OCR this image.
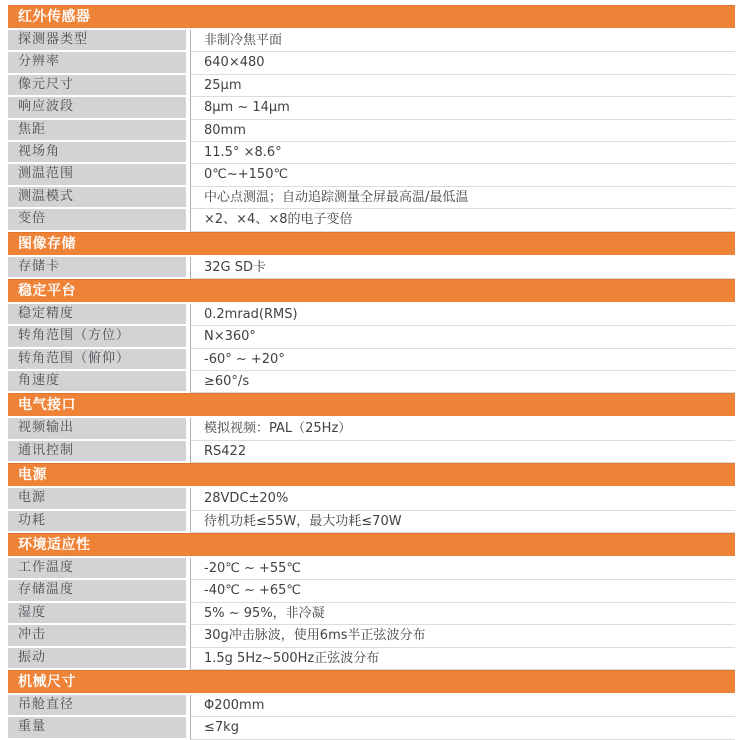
红外传感器
探测器类型	非制冷焦平面
分辨率	640×480
像元尺寸	25μm
响应波段	8μm ~ 14μm
焦距	80mm
视场角	11.5° ×8.6°
测温范围	0℃~+150℃
测温模式	中心点测温；自动追踪测量全屏最高温/最低温
变倍	×2、×4、×8的电子变倍
图像存储
存储卡	32G SD卡
稳定平台
稳定精度	0.2mrad(RMS)
转角范围（方位）	N×360°
转角范围（俯仰）	-60° ~ +20°
角速度	≥60°/s
电气接口
视频输出	模拟视频：PAL（25Hz）
通讯控制	RS422
电源
电源	28VDC±20%
功耗	待机功耗≤55W，最大功耗≤70W
环境适应性
工作温度	-20℃ ~ +55℃
存储温度	-40℃ ~ +65℃
湿度	5% ~ 95%，非冷凝
冲击	30g冲击脉波，使用6ms半正弦波分布
振动	1.5g 5Hz~500Hz正弦波分布
机械尺寸
吊舱直径	Φ200mm
重量	≤7kg
